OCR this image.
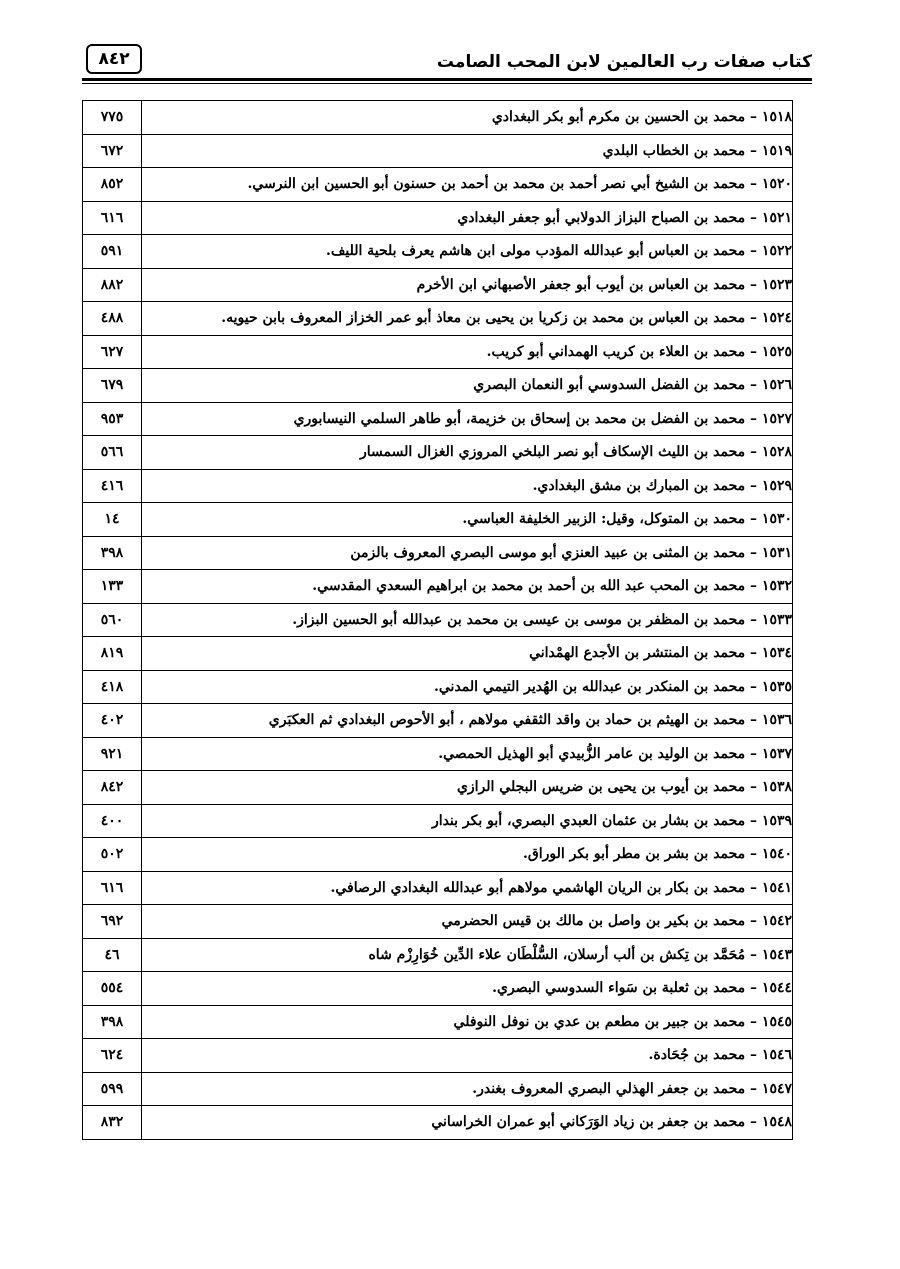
كتاب صفات رب العالمين لابن المحب الصامت
٨٤٢
١٥١٨ – محمد بن الحسين بن مكرم أبو بكر البغدادي	٧٧٥
١٥١٩ – محمد بن الخطاب البلدي	٦٧٢
١٥٢٠ – محمد بن الشيخ أبي نصر أحمد بن محمد بن أحمد بن حسنون أبو الحسين ابن النرسي.	٨٥٢
١٥٢١ – محمد بن الصباح البزاز الدولابي أبو جعفر البغدادي	٦١٦
١٥٢٢ – محمد بن العباس أبو عبدالله المؤدب مولى ابن هاشم يعرف بلحية الليف.	٥٩١
١٥٢٣ – محمد بن العباس بن أيوب أبو جعفر الأصبهاني ابن الأخرم	٨٨٢
١٥٢٤ – محمد بن العباس بن محمد بن زكريا بن يحيى بن معاذ أبو عمر الخزاز المعروف بابن حيويه.	٤٨٨
١٥٢٥ – محمد بن العلاء بن كريب الهمداني أبو كريب.	٦٢٧
١٥٢٦ – محمد بن الفضل السدوسي أبو النعمان البصري	٦٧٩
١٥٢٧ – محمد بن الفضل بن محمد بن إسحاق بن خزيمة، أبو طاهر السلمي النيسابوري	٩٥٣
١٥٢٨ – محمد بن الليث الإسكاف أبو نصر البلخي المروزي الغزال السمسار	٥٦٦
١٥٢٩ – محمد بن المبارك بن مشق البغدادي.	٤١٦
١٥٣٠ – محمد بن المتوكل، وقيل: الزبير الخليفة العباسي.	١٤
١٥٣١ – محمد بن المثنى بن عبيد العنزي أبو موسى البصري المعروف بالزمن	٣٩٨
١٥٣٢ – محمد بن المحب عبد الله بن أحمد بن محمد بن ابراهيم السعدي المقدسي.	١٣٣
١٥٣٣ – محمد بن المظفر بن موسى بن عيسى بن محمد بن عبدالله أبو الحسين البزاز.	٥٦٠
١٥٣٤ – محمد بن المنتشر بن الأجدع الهمْداني	٨١٩
١٥٣٥ – محمد بن المنكدر بن عبدالله بن الهُدير التيمي المدني.	٤١٨
١٥٣٦ – محمد بن الهيثم بن حماد بن واقد الثقفي مولاهم ، أبو الأحوص البغدادي ثم العكبَري	٤٠٢
١٥٣٧ – محمد بن الوليد بن عامر الزُّبيدي أبو الهذيل الحمصي.	٩٢١
١٥٣٨ – محمد بن أيوب بن يحيى بن ضريس البجلي الرازي	٨٤٢
١٥٣٩ – محمد بن بشار بن عثمان العبدي البصري، أبو بكر بندار	٤٠٠
١٥٤٠ – محمد بن بشر بن مطر أبو بكر الوراق.	٥٠٢
١٥٤١ – محمد بن بكار بن الريان الهاشمي مولاهم أبو عبدالله البغدادي الرصافي.	٦١٦
١٥٤٢ – محمد بن بكير بن واصل بن مالك بن قيس الحضرمي	٦٩٢
١٥٤٣ – مُحَمَّد بن تِكش بن ألب أرسلان، السُّلْطَان علاء الدِّين خُوَارِزْم شاه	٤٦
١٥٤٤ – محمد بن ثعلبة بن سَواء السدوسي البصري.	٥٥٤
١٥٤٥ – محمد بن جبير بن مطعم بن عدي بن نوفل النوفلي	٣٩٨
١٥٤٦ – محمد بن جُحَادة.	٦٢٤
١٥٤٧ – محمد بن جعفر الهذلي البصري المعروف بغندر.	٥٩٩
١٥٤٨ – محمد بن جعفر بن زياد الوَرَكاني أبو عمران الخراساني	٨٣٢
